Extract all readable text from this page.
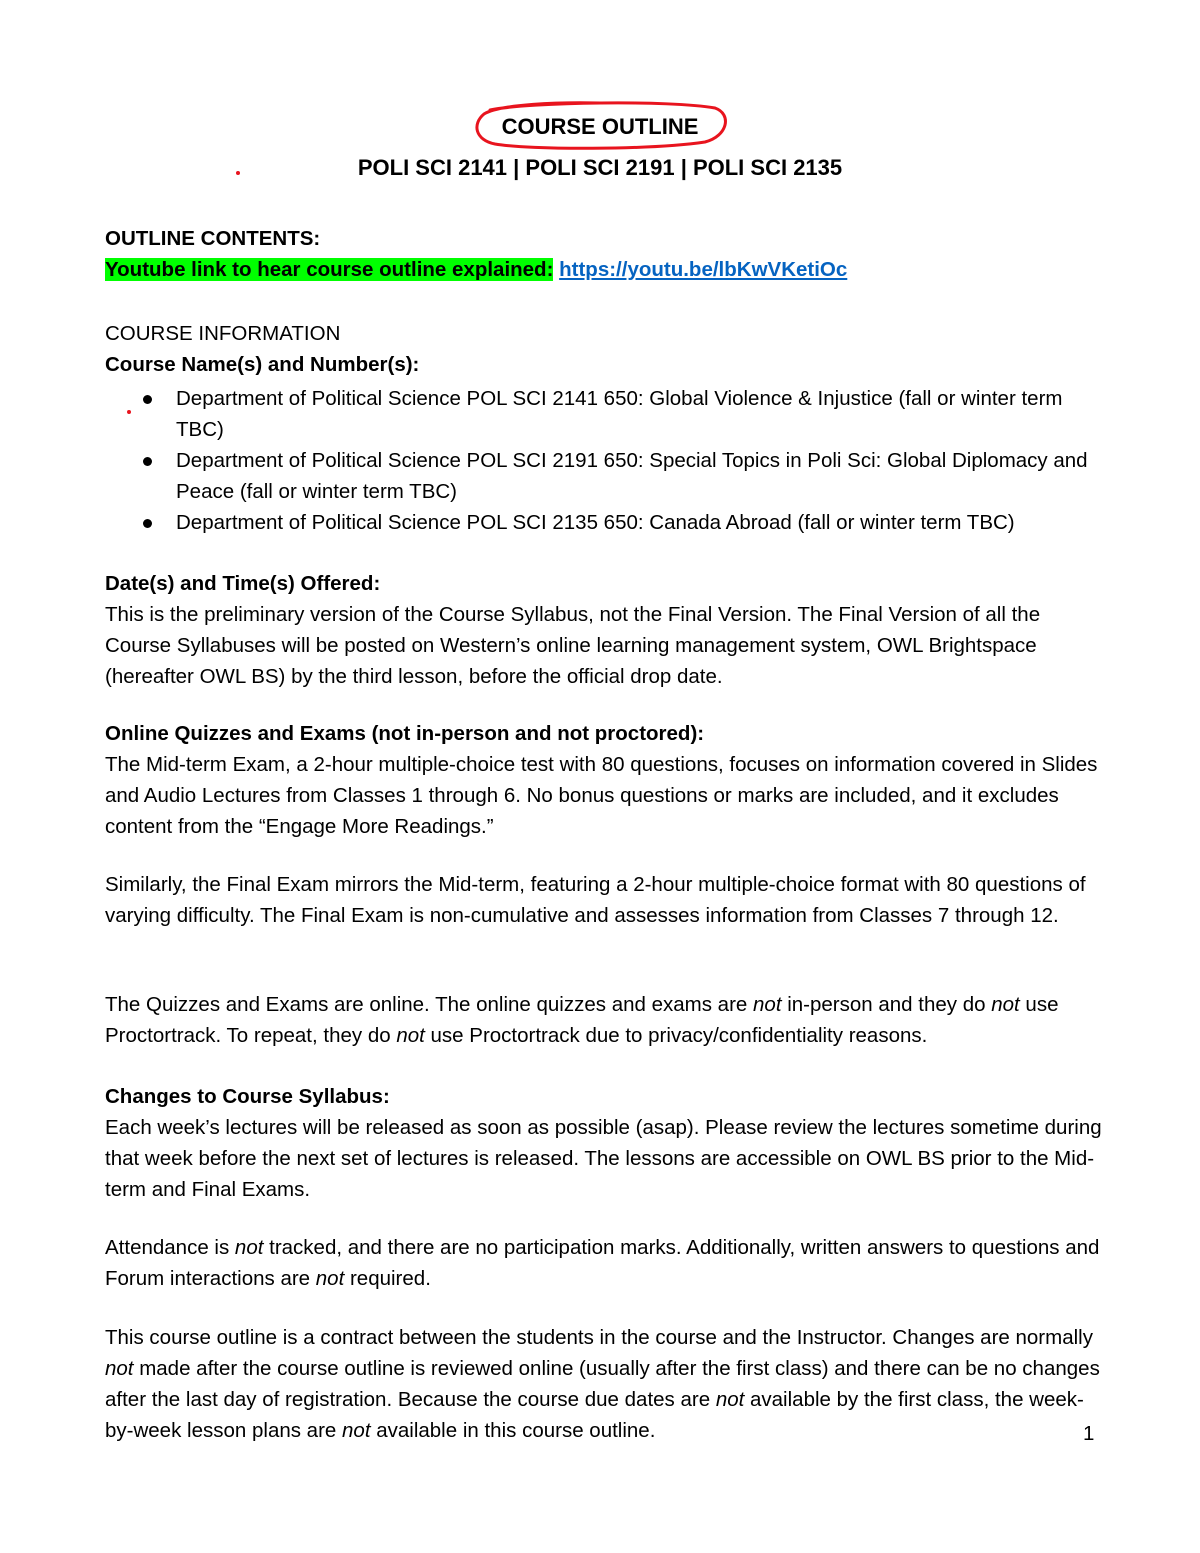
COURSE OUTLINE
POLI SCI 2141 | POLI SCI 2191 | POLI SCI 2135
OUTLINE CONTENTS:
Youtube link to hear course outline explained: https://youtu.be/lbKwVKetiOc
COURSE INFORMATION
Course Name(s) and Number(s):
Department of Political Science POL SCI 2141 650: Global Violence & Injustice (fall or winter term TBC)
Department of Political Science POL SCI 2191 650: Special Topics in Poli Sci: Global Diplomacy and Peace (fall or winter term TBC)
Department of Political Science POL SCI 2135 650: Canada Abroad (fall or winter term TBC)
Date(s) and Time(s) Offered:

This is the preliminary version of the Course Syllabus, not the Final Version. The Final Version of all the Course Syllabuses will be posted on Western’s online learning management system, OWL Brightspace (hereafter OWL BS) by the third lesson, before the official drop date.

Online Quizzes and Exams (not in-person and not proctored):

The Mid-term Exam, a 2-hour multiple-choice test with 80 questions, focuses on information covered in Slides and Audio Lectures from Classes 1 through 6. No bonus questions or marks are included, and it excludes content from the “Engage More Readings.”

Similarly, the Final Exam mirrors the Mid-term, featuring a 2-hour multiple-choice format with 80 questions of varying difficulty. The Final Exam is non-cumulative and assesses information from Classes 7 through 12.

The Quizzes and Exams are online. The online quizzes and exams are not in-person and they do not use Proctortrack. To repeat, they do not use Proctortrack due to privacy/confidentiality reasons.

Changes to Course Syllabus:

Each week’s lectures will be released as soon as possible (asap). Please review the lectures sometime during that week before the next set of lectures is released. The lessons are accessible on OWL BS prior to the Mid-term and Final Exams.

Attendance is not tracked, and there are no participation marks. Additionally, written answers to questions and Forum interactions are not required.

This course outline is a contract between the students in the course and the Instructor. Changes are normally not made after the course outline is reviewed online (usually after the first class) and there can be no changes after the last day of registration. Because the course due dates are not available by the first class, the week-by-week lesson plans are not available in this course outline.	1
